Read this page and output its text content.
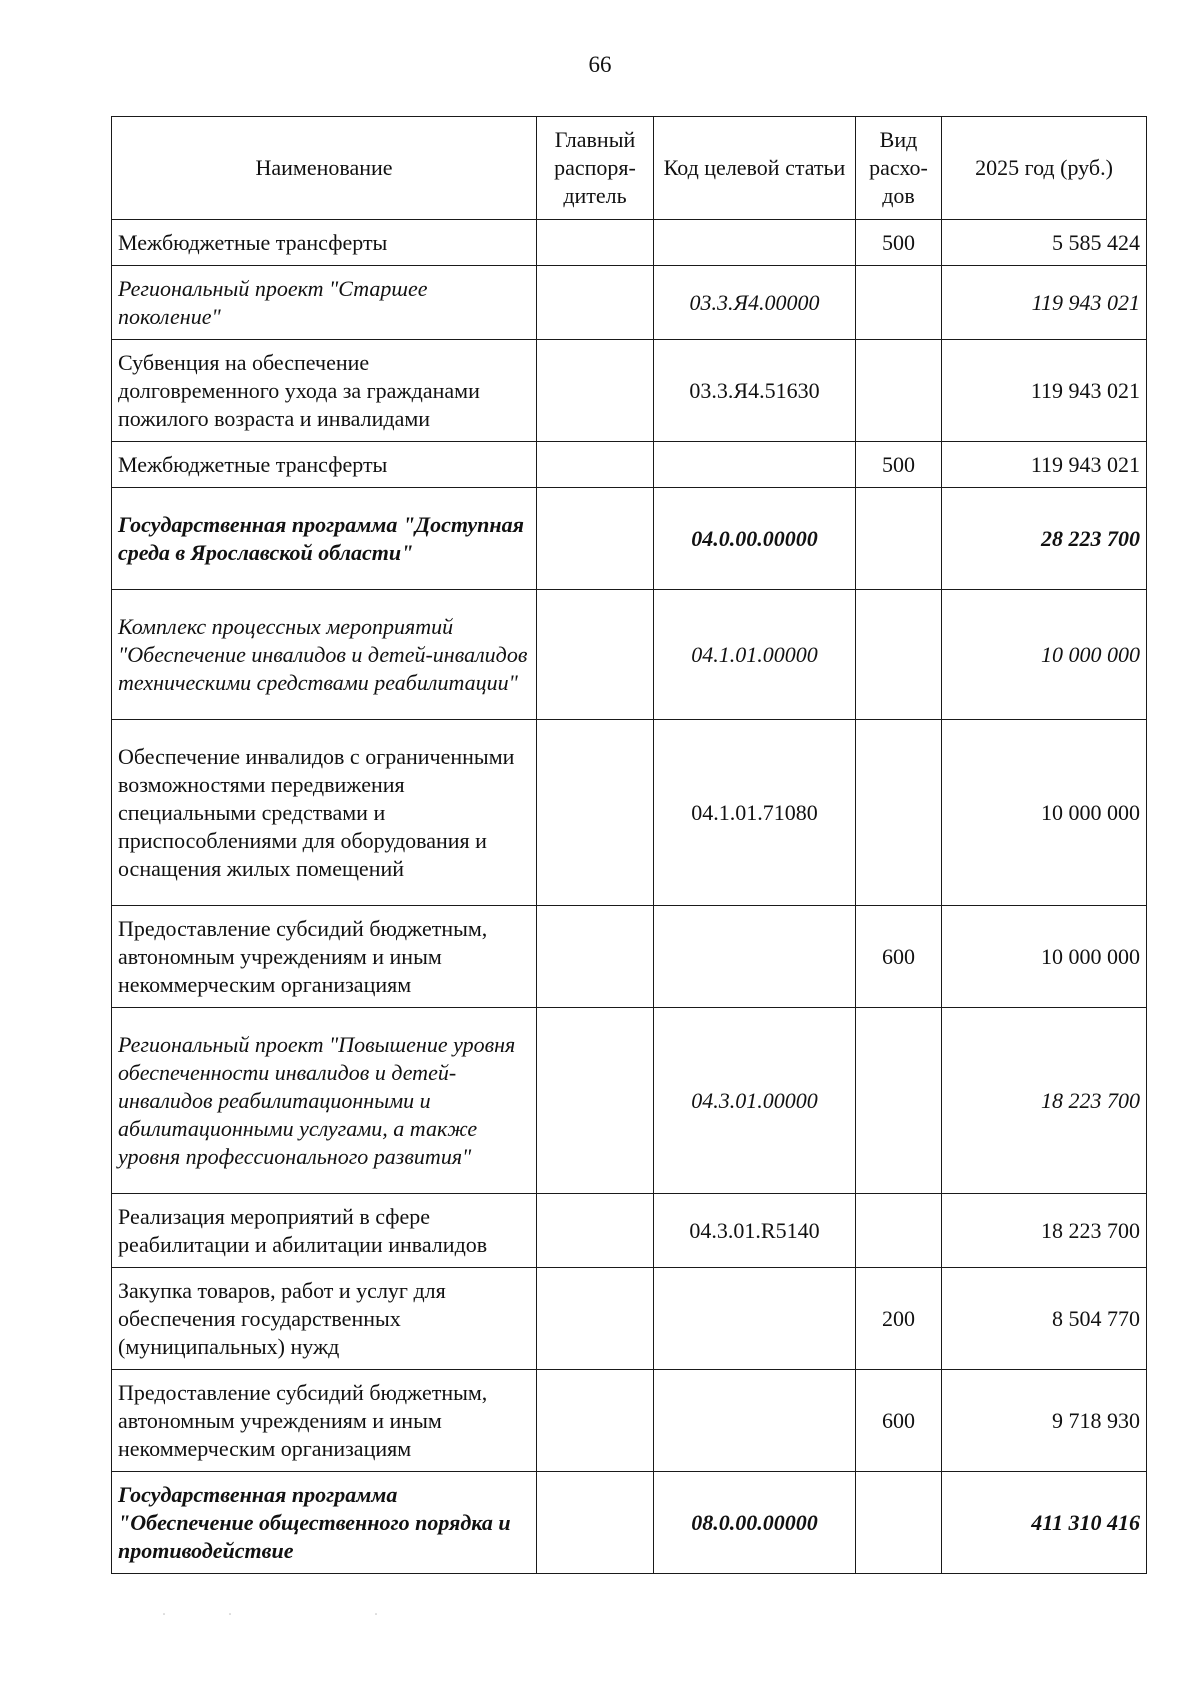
66
Наименование	Главный распоря-дитель	Код целевой статьи	Вид расхо-дов	2025 год (руб.)
Межбюджетные трансферты			500	5 585 424
Региональный проект "Старшее поколение"		03.3.Я4.00000		119 943 021
Субвенция на обеспечение долговременного ухода за гражданами пожилого возраста и инвалидами		03.3.Я4.51630		119 943 021
Межбюджетные трансферты			500	119 943 021
Государственная программа "Доступная среда в Ярославской области"		04.0.00.00000		28 223 700
Комплекс процессных мероприятий "Обеспечение инвалидов и детей-инвалидов техническими средствами реабилитации"		04.1.01.00000		10 000 000
Обеспечение инвалидов с ограниченными возможностями передвижения специальными средствами и приспособлениями для оборудования и оснащения жилых помещений		04.1.01.71080		10 000 000
Предоставление субсидий бюджетным, автономным учреждениям и иным некоммерческим организациям			600	10 000 000
Региональный проект "Повышение уровня обеспеченности инвалидов и детей-инвалидов реабилитационными и абилитационными услугами, а также уровня профессионального развития"		04.3.01.00000		18 223 700
Реализация мероприятий в сфере реабилитации и абилитации инвалидов		04.3.01.R5140		18 223 700
Закупка товаров, работ и услуг для обеспечения государственных (муниципальных) нужд			200	8 504 770
Предоставление субсидий бюджетным, автономным учреждениям и иным некоммерческим организациям			600	9 718 930
Государственная программа "Обеспечение общественного порядка и противодействие		08.0.00.00000		411 310 416
